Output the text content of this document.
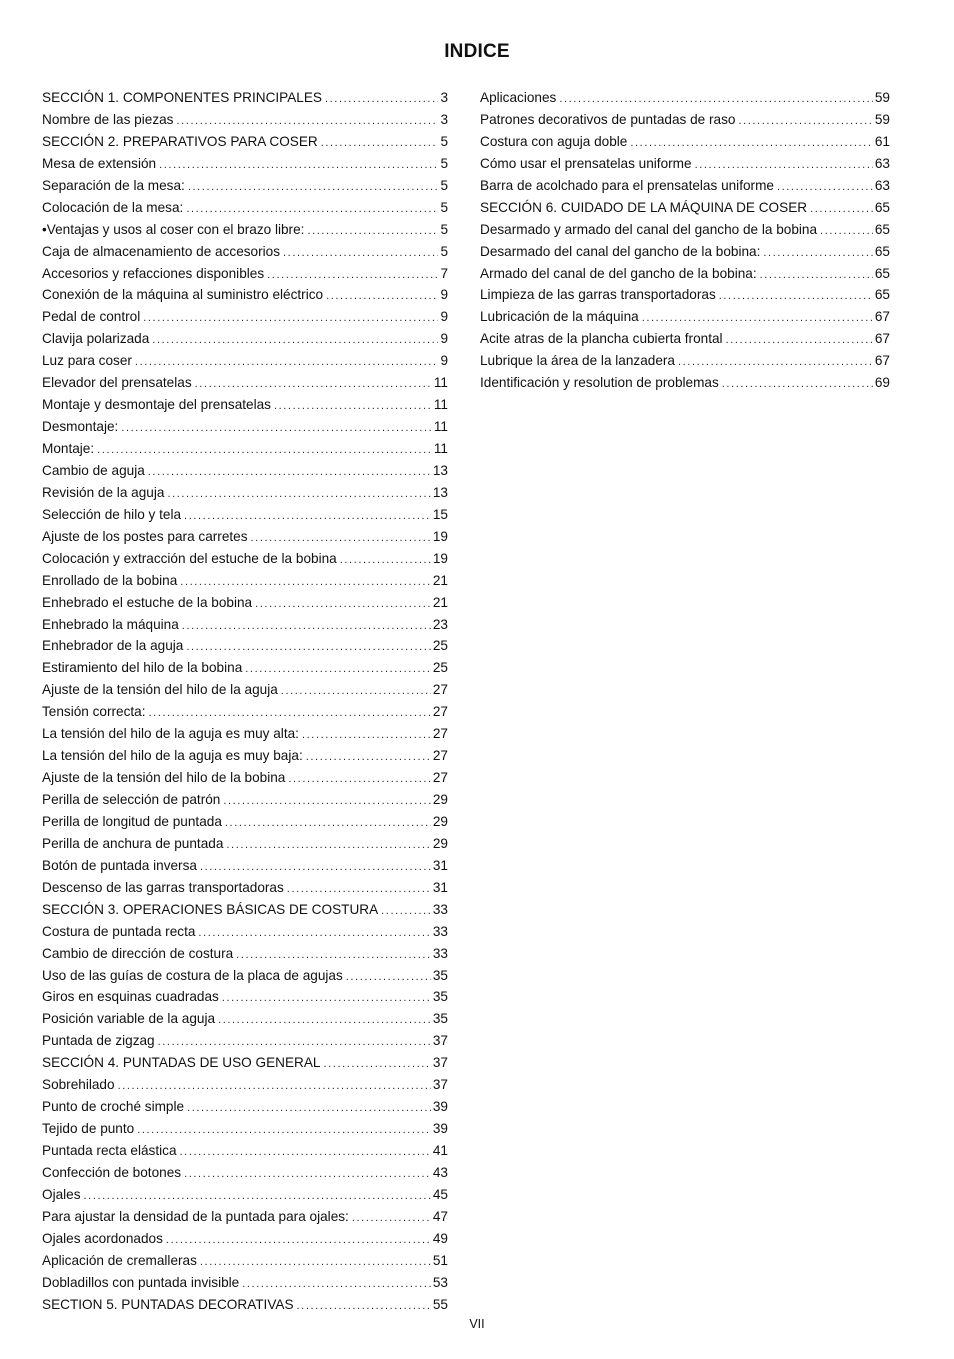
INDICE
SECCIÓN 1. COMPONENTES PRINCIPALES .....	3
Nombre de las piezas .....	3
SECCIÓN 2. PREPARATIVOS PARA COSER .....	5
Mesa de extensión .....	5
Separación de la mesa: .....	5
Colocación de la mesa: .....	5
•Ventajas y usos al coser con el brazo libre: .....	5
Caja de almacenamiento de accesorios .....	5
Accesorios y refacciones disponibles .....	7
Conexión de la máquina al suministro eléctrico .....	9
Pedal de control .....	9
Clavija polarizada .....	9
Luz para coser .....	9
Elevador del prensatelas .....	11
Montaje y desmontaje del prensatelas .....	11
Desmontaje: .....	11
Montaje: .....	11
Cambio de aguja .....	13
Revisión de la aguja .....	13
Selección de hilo y tela .....	15
Ajuste de los postes para carretes .....	19
Colocación y extracción del estuche de la bobina .....	19
Enrollado de la bobina .....	21
Enhebrado el estuche de la bobina .....	21
Enhebrado la máquina .....	23
Enhebrador de la aguja .....	25
Estiramiento del hilo de la bobina .....	25
Ajuste de la tensión del hilo de la aguja .....	27
Tensión correcta: .....	27
La tensión del hilo de la aguja es muy alta: .....	27
La tensión del hilo de la aguja es muy baja: .....	27
Ajuste de la tensión del hilo de la bobina .....	27
Perilla de selección de patrón .....	29
Perilla de longitud de puntada .....	29
Perilla de anchura de puntada .....	29
Botón de puntada inversa .....	31
Descenso de las garras transportadoras .....	31
SECCIÓN 3. OPERACIONES BÁSICAS DE COSTURA .....	33
Costura de puntada recta .....	33
Cambio de dirección de costura .....	33
Uso de las guías de costura de la placa de agujas .....	35
Giros en esquinas cuadradas .....	35
Posición variable de la aguja .....	35
Puntada de zigzag .....	37
SECCIÓN 4. PUNTADAS DE USO GENERAL .....	37
Sobrehilado .....	37
Punto de croché simple .....	39
Tejido de punto .....	39
Puntada recta elástica .....	41
Confección de botones .....	43
Ojales .....	45
Para ajustar la densidad de la puntada para ojales: .....	47
Ojales acordonados .....	49
Aplicación de cremalleras .....	51
Dobladillos con puntada invisible .....	53
SECTION 5. PUNTADAS DECORATIVAS .....	55
Aplicaciones .....	59
Patrones decorativos de puntadas de raso .....	59
Costura con aguja doble .....	61
Cómo usar el prensatelas uniforme .....	63
Barra de acolchado para el prensatelas uniforme .....	63
SECCIÓN 6. CUIDADO DE LA MÁQUINA DE COSER .....	65
Desarmado y armado del canal del gancho de la bobina .....	65
Desarmado del canal del gancho de la bobina: .....	65
Armado del canal de del gancho de la bobina: .....	65
Limpieza de las garras transportadoras .....	65
Lubricación de la máquina .....	67
Acite atras de la plancha cubierta frontal .....	67
Lubrique la área de la lanzadera .....	67
Identificación y resolution de problemas .....	69
VII
